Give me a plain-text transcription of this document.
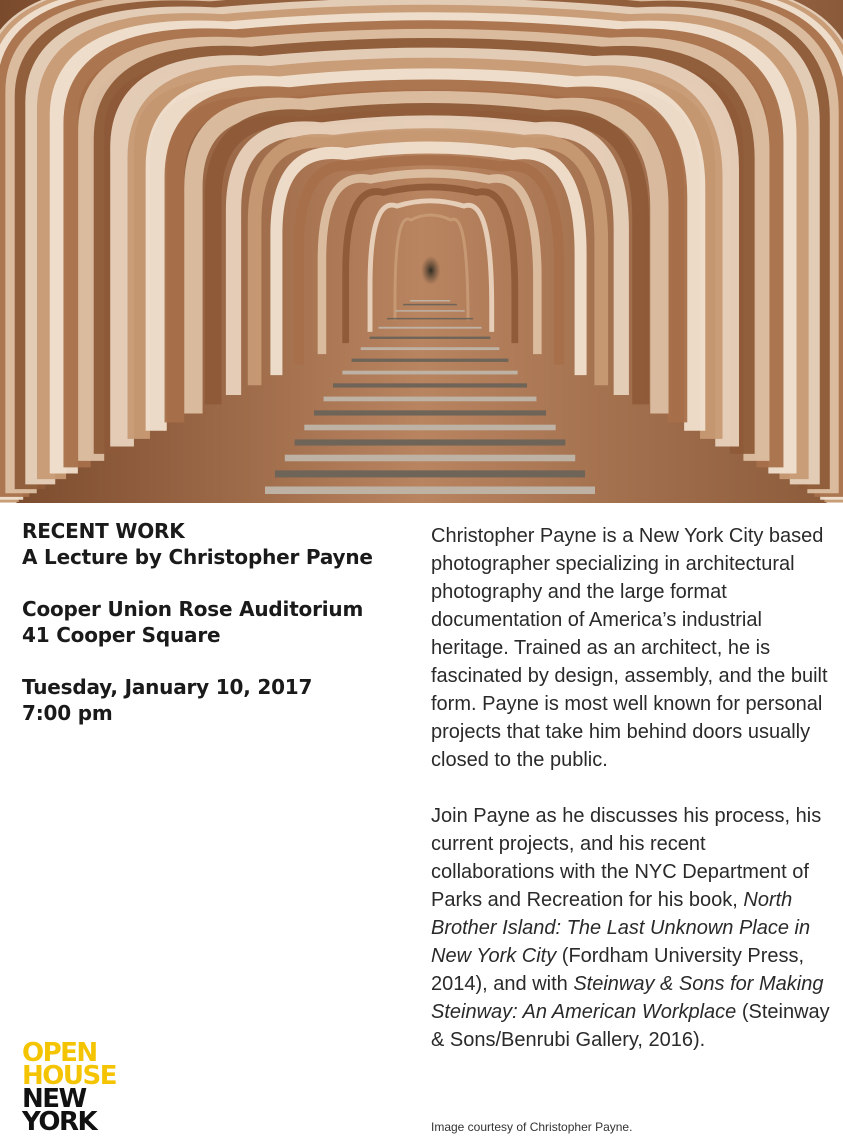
RECENT WORK
A Lecture by Christopher Payne
Cooper Union Rose Auditorium
41 Cooper Square
Tuesday, January 10, 2017
7:00 pm

Christopher Payne is a New York City based photographer specializing in architectural photography and the large format documentation of America’s industrial heritage. Trained as an architect, he is fascinated by design, assembly, and the built form. Payne is most well known for personal projects that take him behind doors usually closed to the public.

Join Payne as he discusses his process, his current projects, and his recent collaborations with the NYC Department of Parks and Recreation for his book, North Brother Island: The Last Unknown Place in New York City (Fordham University Press, 2014), and with Steinway & Sons for Making Steinway: An American Workplace (Steinway & Sons/Benrubi Gallery, 2016).

Image courtesy of Christopher Payne.
OPEN
HOUSE
NEW
YORK
